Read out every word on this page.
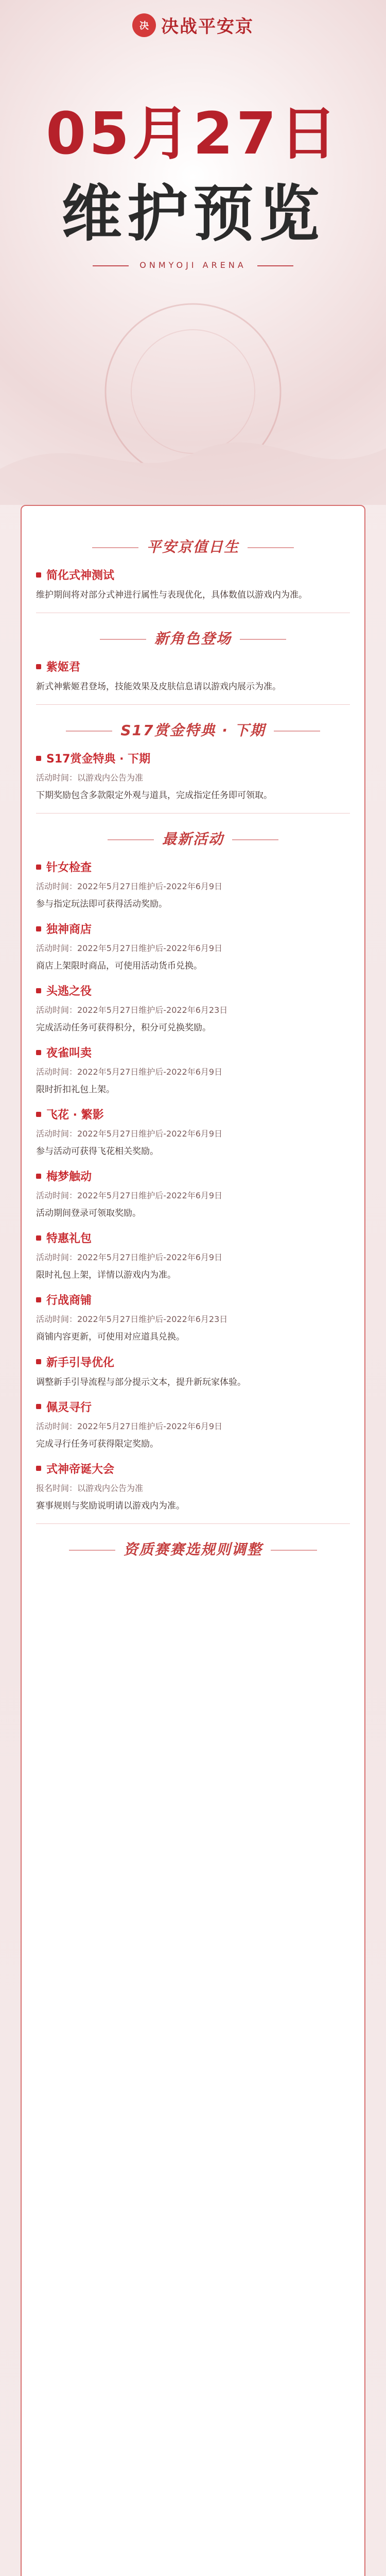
决 决战平安京
05月27日
维护预览
ONMYOJI ARENA
平安京值日生
简化式神测试
维护期间将对部分式神进行属性与表现优化，具体数值以游戏内为准。
新角色登场
紫姬君
新式神紫姬君登场，技能效果及皮肤信息请以游戏内展示为准。
S17赏金特典 · 下期
S17赏金特典 · 下期
活动时间：以游戏内公告为准
下期奖励包含多款限定外观与道具，完成指定任务即可领取。
最新活动
针女检查
活动时间：2022年5月27日维护后-2022年6月9日
参与指定玩法即可获得活动奖励。
独神商店
活动时间：2022年5月27日维护后-2022年6月9日
商店上架限时商品，可使用活动货币兑换。
头逃之役
活动时间：2022年5月27日维护后-2022年6月23日
完成活动任务可获得积分，积分可兑换奖励。
夜雀叫卖
活动时间：2022年5月27日维护后-2022年6月9日
限时折扣礼包上架。
飞花 · 繁影
活动时间：2022年5月27日维护后-2022年6月9日
参与活动可获得飞花相关奖励。
梅梦触动
活动时间：2022年5月27日维护后-2022年6月9日
活动期间登录可领取奖励。
特惠礼包
活动时间：2022年5月27日维护后-2022年6月9日
限时礼包上架，详情以游戏内为准。
行战商铺
活动时间：2022年5月27日维护后-2022年6月23日
商铺内容更新，可使用对应道具兑换。
新手引导优化
调整新手引导流程与部分提示文本，提升新玩家体验。
佩灵寻行
活动时间：2022年5月27日维护后-2022年6月9日
完成寻行任务可获得限定奖励。
式神帝诞大会
报名时间：以游戏内公告为准
赛事规则与奖励说明请以游戏内为准。
资质赛赛选规则调整
